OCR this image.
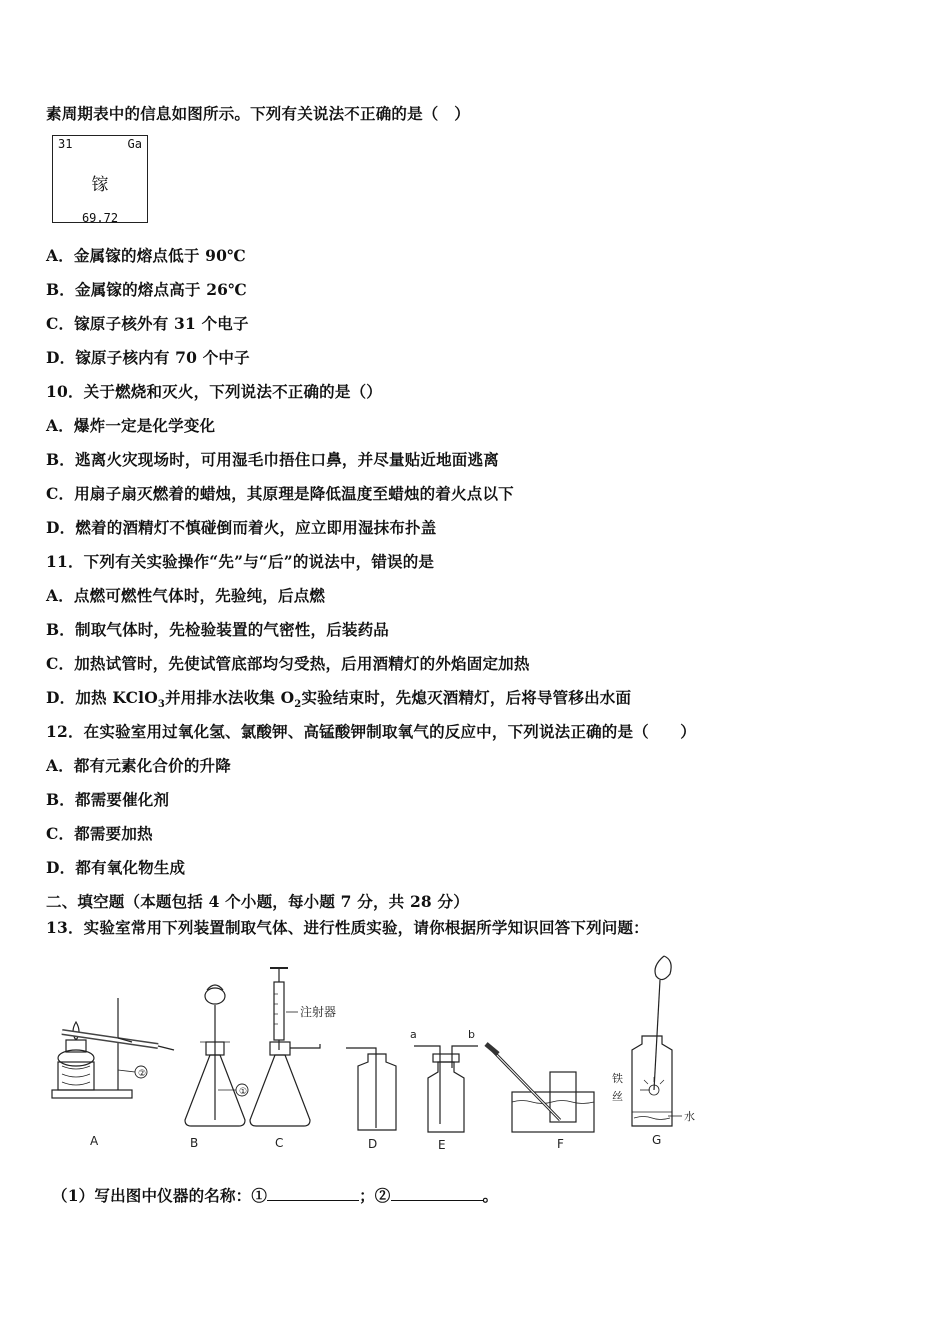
素周期表中的信息如图所示。下列有关说法不正确的是（　）
31	Ga
镓
69.72
A．金属镓的熔点低于 90℃
B．金属镓的熔点高于 26℃
C．镓原子核外有 31 个电子
D．镓原子核内有 70 个中子
10．关于燃烧和灭火，下列说法不正确的是（）
A．爆炸一定是化学变化
B．逃离火灾现场时，可用湿毛巾捂住口鼻，并尽量贴近地面逃离
C．用扇子扇灭燃着的蜡烛，其原理是降低温度至蜡烛的着火点以下
D．燃着的酒精灯不慎碰倒而着火，应立即用湿抹布扑盖
11．下列有关实验操作“先”与“后”的说法中，错误的是
A．点燃可燃性气体时，先验纯，后点燃
B．制取气体时，先检验装置的气密性，后装药品
C．加热试管时，先使试管底部均匀受热，后用酒精灯的外焰固定加热
D．加热 KClO$_3$并用排水法收集 $O_2$实验结束时，先熄灭酒精灯，后将导管移出水面
12．在实验室用过氧化氢、氯酸钾、高锰酸钾制取氧气的反应中，下列说法正确的是（　　）
A．都有元素化合价的升降
B．都需要催化剂
C．都需要加热
D．都有氧化物生成
二、填空题（本题包括 4 个小题，每小题 7 分，共 28 分）
13．实验室常用下列装置制取气体、进行性质实验，请你根据所学知识回答下列问题：
②
A
①
B
注射器
C	D
a	b
E	F
铁
丝
水
G
（1）写出图中仪器的名称：①	；②	。
